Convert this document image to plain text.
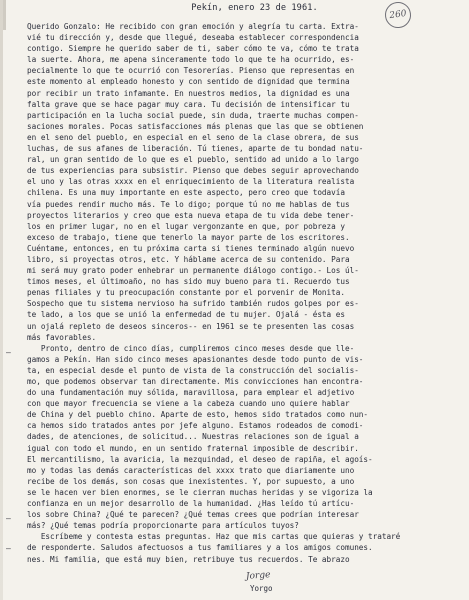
Pekín, enero 23 de 1961.
260
—
—
—
Querido Gonzalo: He recibido con gran emoción y alegría tu carta. Extra-
vié tu dirección y, desde que llegué, deseaba establecer correspondencia
contigo. Siempre he querido saber de ti, saber cómo te va, cómo te trata
la suerte. Ahora, me apena sinceramente todo lo que te ha ocurrido, es-
pecialmente lo que te ocurrió con Tesorerías. Pienso que representas en
este momento al empleado honesto y con sentido de dignidad que termina
por recibir un trato infamante. En nuestros medios, la dignidad es una
falta grave que se hace pagar muy cara. Tu decisión de intensificar tu
participación en la lucha social puede, sin duda, traerte muchas compen-
saciones morales. Pocas satisfacciones más plenas que las que se obtienen
en el seno del pueblo, en especial en el seno de la clase obrera, de sus
luchas, de sus afanes de liberación. Tú tienes, aparte de tu bondad natu-
ral, un gran sentido de lo que es el pueblo, sentido ad unido a lo largo
de tus experiencias para subsistir. Pienso que debes seguir aprovechando
el uno y las otras xxxx en el enriquecimiento de la literatura realista
chilena. Es una muy importante en este aspecto, pero creo que todavía
vía puedes rendir mucho más. Te lo digo; porque tú no me hablas de tus
proyectos literarios y creo que esta nueva etapa de tu vida debe tener-
los en primer lugar, no en el lugar vergonzante en que, por pobreza y
exceso de trabajo, tiene que tenerlo la mayor parte de los escritores.
Cuéntame, entonces, en tu próxima carta si tienes terminado algún nuevo
libro, si proyectas otros, etc. Y háblame acerca de su contenido. Para
mi será muy grato poder enhebrar un permanente diálogo contigo.- Los úl-
timos meses, el últimoaño, no has sido muy bueno para ti. Recuerdo tus
penas filiales y tu preocupación constante por el porvenir de Monita.
Sospecho que tu sistema nervioso ha sufrido también rudos golpes por es-
te lado, a los que se unió la enfermedad de tu mujer. Ojalá - ésta es
un ojalá repleto de deseos sinceros-- en 1961 se te presenten las cosas
más favorables.
Pronto, dentro de cinco días, cumpliremos cinco meses desde que lle-
gamos a Pekín. Han sido cinco meses apasionantes desde todo punto de vis-
ta, en especial desde el punto de vista de la construcción del socialis-
mo, que podemos observar tan directamente. Mis convicciones han encontra-
do una fundamentación muy sólida, maravillosa, para emplear el adjetivo
con que mayor frecuencia se viene a la cabeza cuando uno quiere hablar
de China y del pueblo chino. Aparte de esto, hemos sido tratados como nun-
ca hemos sido tratados antes por jefe alguno. Estamos rodeados de comodi-
dades, de atenciones, de solicitud... Nuestras relaciones son de igual a
igual con todo el mundo, en un sentido fraternal imposible de describir.
El mercantilismo, la avaricia, la mezquindad, el deseo de rapiña, el agoís-
mo y todas las demás características del xxxx trato que diariamente uno
recibe de los demás, son cosas que inexistentes. Y, por supuesto, a uno
se le hacen ver bien enormes, se le cierran muchas heridas y se vigoriza la
confianza en un mejor desarrollo de la humanidad. ¿Has leído tú artícu-
los sobre China? ¿Qué te parecen? ¿Qué temas crees que podrían interesar
más? ¿Qué temas podría proporcionarte para artículos tuyos?
Escríbeme y contesta estas preguntas. Haz que mis cartas que quieras y trataré
de responderte. Saludos afectuosos a tus familiares y a los amigos comunes.
nes. Mi familia, que está muy bien, retribuye tus recuerdos. Te abrazo
Jorge
Yorgo
